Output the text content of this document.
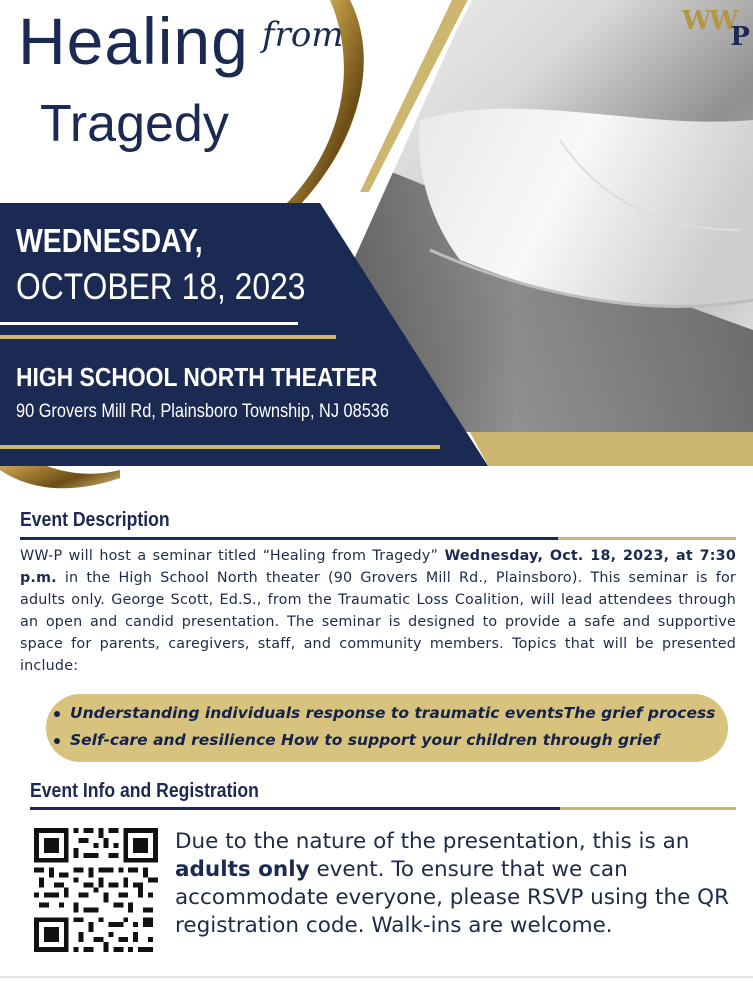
Healing from
Tragedy
WWP
WEDNESDAY,
OCTOBER 18, 2023
HIGH SCHOOL NORTH THEATER
90 Grovers Mill Rd, Plainsboro Township, NJ 08536
Event Description
WW-P will host a seminar titled “Healing from Tragedy” Wednesday, Oct. 18, 2023, at 7:30 p.m. in the High School North theater (90 Grovers Mill Rd., Plainsboro). This seminar is for adults only. George Scott, Ed.S., from the Traumatic Loss Coalition, will lead attendees through an open and candid presentation. The seminar is designed to provide a safe and supportive space for parents, caregivers, staff, and community members. Topics that will be presented include:
Understanding individuals response to traumatic eventsThe grief process
Self-care and resilience How to support your children through grief
Event Info and Registration
Due to the nature of the presentation, this is an adults only event. To ensure that we can accommodate everyone, please RSVP using the QR registration code. Walk-ins are welcome.
